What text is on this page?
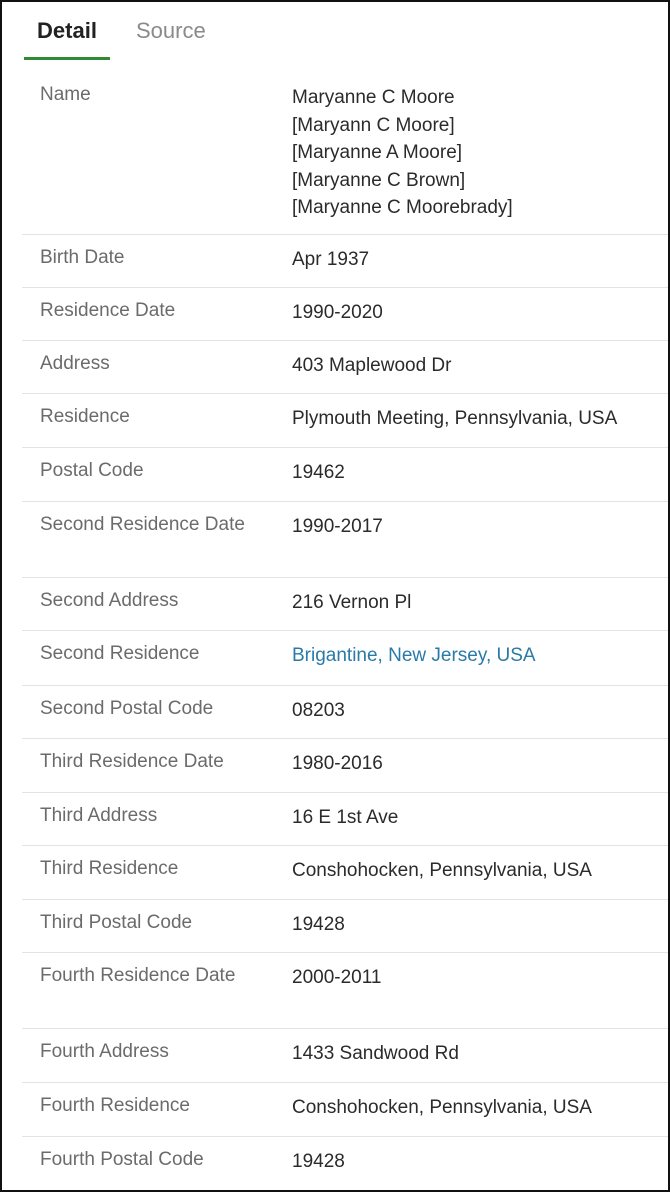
Detail	Source
Name	Maryanne C Moore
[Maryann C Moore]
[Maryanne A Moore]
[Maryanne C Brown]
[Maryanne C Moorebrady]
Birth Date	Apr 1937
Residence Date	1990-2020
Address	403 Maplewood Dr
Residence	Plymouth Meeting, Pennsylvania, USA
Postal Code	19462
Second Residence Date	1990-2017
Second Address	216 Vernon Pl
Second Residence	Brigantine, New Jersey, USA
Second Postal Code	08203
Third Residence Date	1980-2016
Third Address	16 E 1st Ave
Third Residence	Conshohocken, Pennsylvania, USA
Third Postal Code	19428
Fourth Residence Date	2000-2011
Fourth Address	1433 Sandwood Rd
Fourth Residence	Conshohocken, Pennsylvania, USA
Fourth Postal Code	19428
